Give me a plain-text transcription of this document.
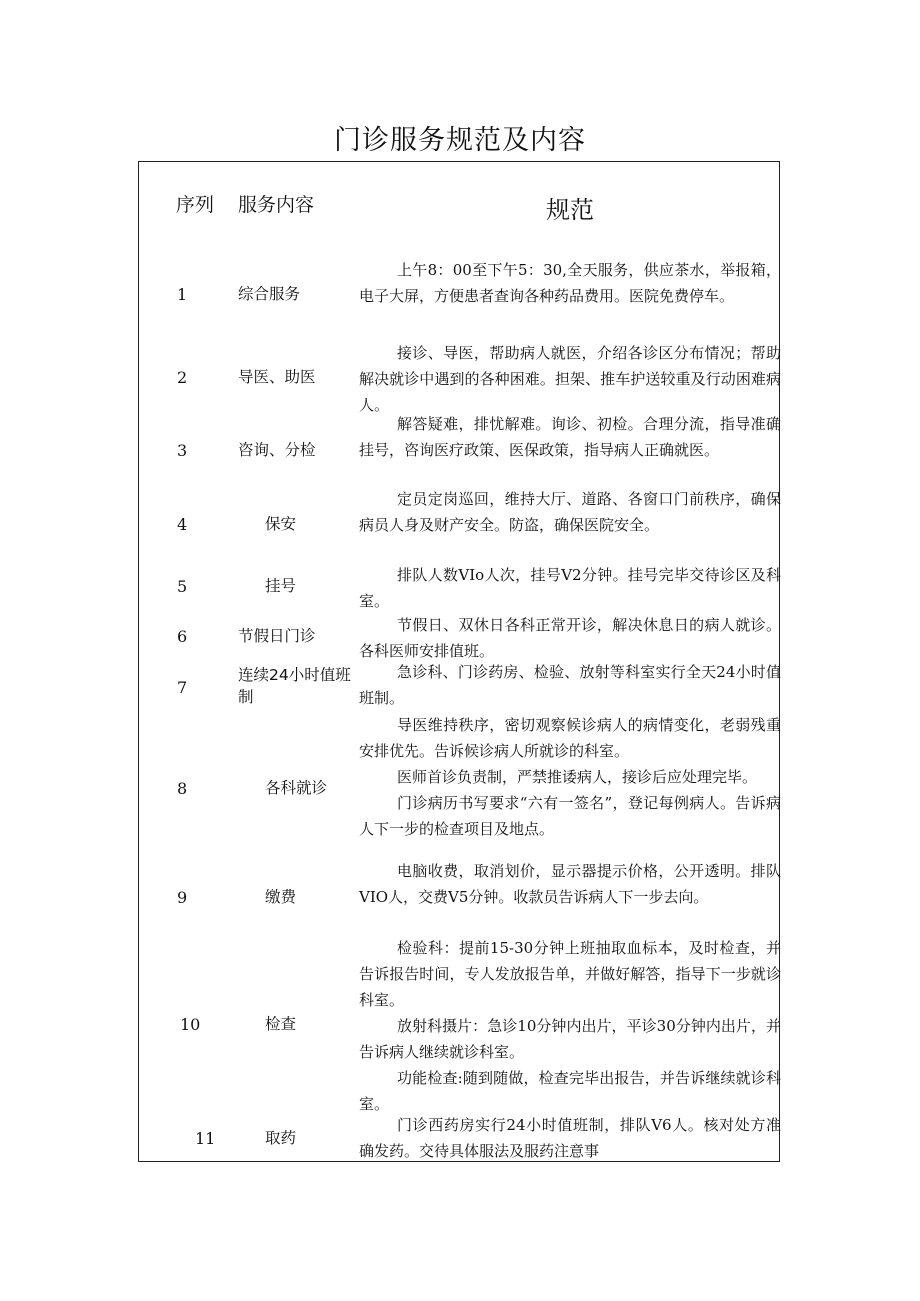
门诊服务规范及内容
序列 服务内容	规范
1	综合服务

上午8：00至下午5：30,全天服务，供应茶水，举报箱，电子大屏，方便患者查询各种药品费用。医院免费停车。

2	导医、助医

接诊、导医，帮助病人就医，介绍各诊区分布情况；帮助解决就诊中遇到的各种困难。担架、推车护送较重及行动困难病人。

3	咨询、分检

解答疑难，排忧解难。询诊、初检。合理分流，指导准确挂号，咨询医疗政策、医保政策，指导病人正确就医。

4	保安

定员定岗巡回，维持大厅、道路、各窗口门前秩序，确保病员人身及财产安全。防盗，确保医院安全。

5	挂号

排队人数VIo人次，挂号V2分钟。挂号完毕交待诊区及科室。

6	节假日门诊

节假日、双休日各科正常开诊，解决休息日的病人就诊。各科医师安排值班。

7
连续24小时值班制

急诊科、门诊药房、检验、放射等科室实行全天24小时值班制。

8	各科就诊

导医维持秩序，密切观察候诊病人的病情变化，老弱残重安排优先。告诉候诊病人所就诊的科室。

医师首诊负责制，严禁推诿病人，接诊后应处理完毕。

门诊病历书写要求“六有一签名”，登记每例病人。告诉病人下一步的检查项目及地点。

9	缴费

电脑收费，取消划价，显示器提示价格，公开透明。排队VIO人，交费V5分钟。收款员告诉病人下一步去向。

10	检查

检验科：提前15-30分钟上班抽取血标本，及时检查，并告诉报告时间，专人发放报告单，并做好解答，指导下一步就诊科室。

放射科摄片：急诊10分钟内出片，平诊30分钟内出片，并告诉病人继续就诊科室。

功能检查:随到随做，检查完毕出报告，并告诉继续就诊科室。

11	取药

门诊西药房实行24小时值班制，排队V6人。核对处方准确发药。交待具体服法及服药注意事
